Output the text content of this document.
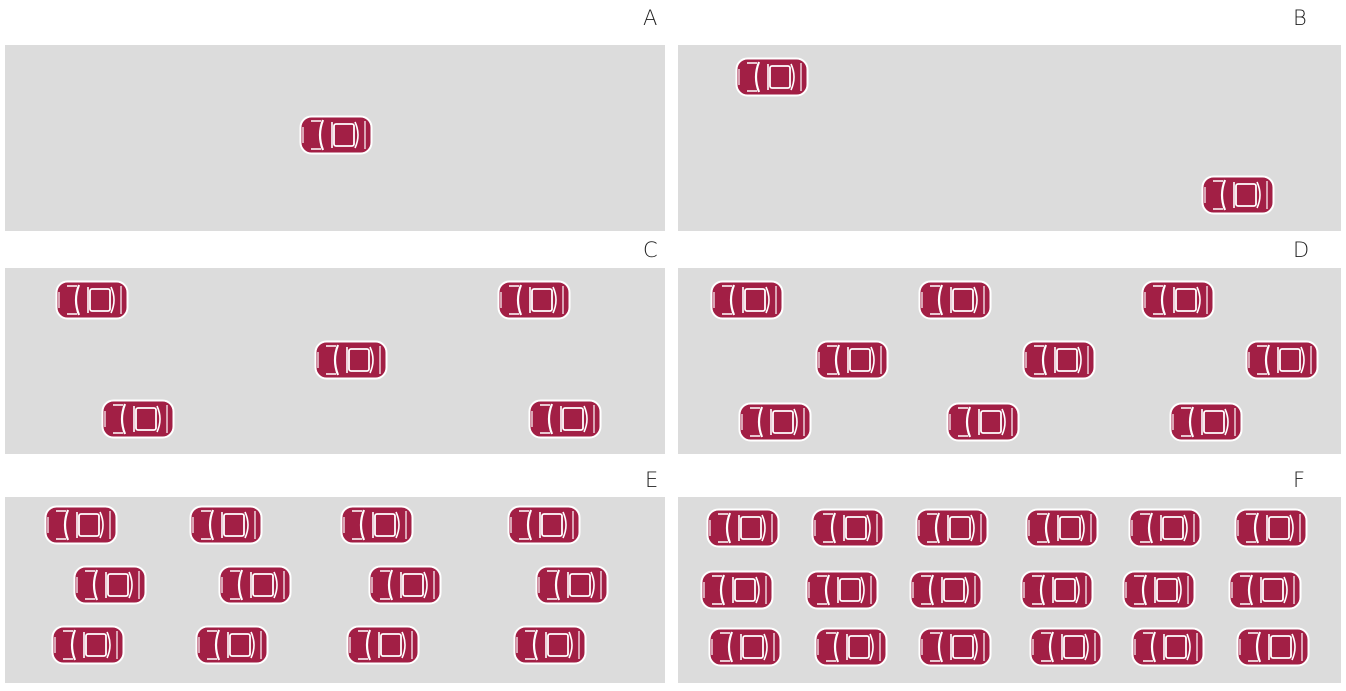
A	B
C	D
E	F
